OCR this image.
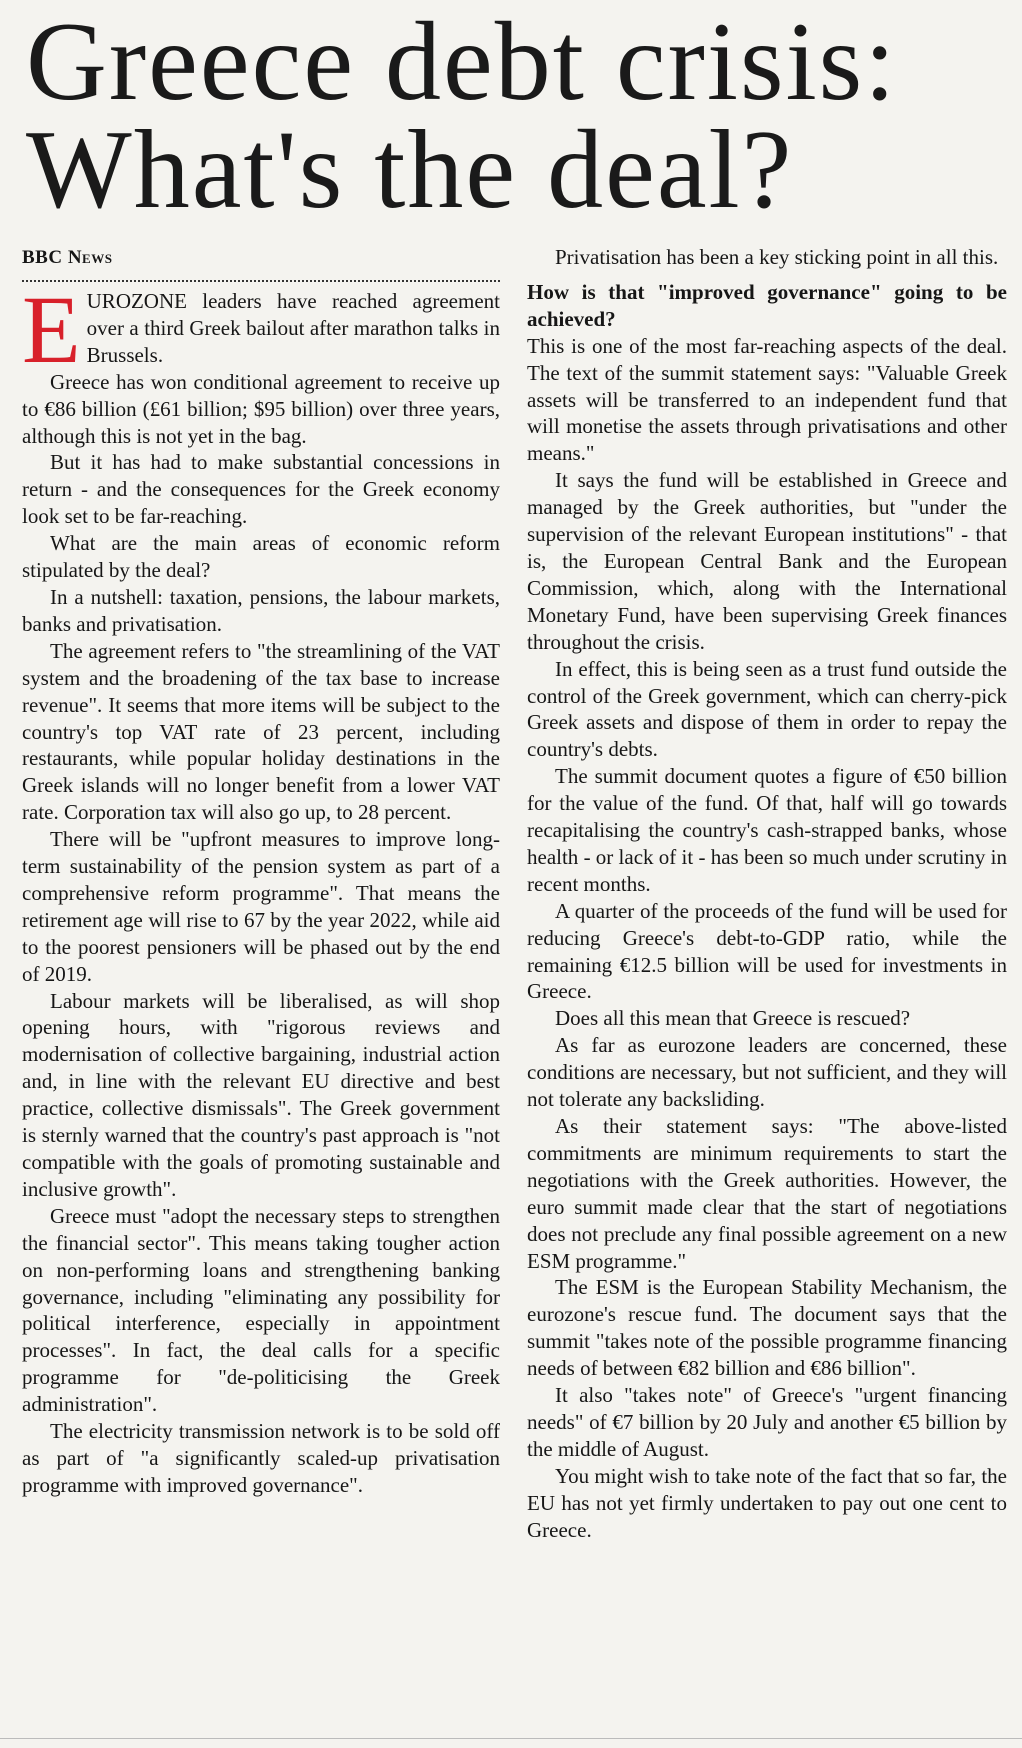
Greece debt crisis:
What's the deal?
BBC News

EUROZONE leaders have reached agreement over a third Greek bailout after marathon talks in Brussels.

Greece has won conditional agreement to receive up to €86 billion (£61 billion; $95 billion) over three years, although this is not yet in the bag.

But it has had to make substantial concessions in return - and the consequences for the Greek economy look set to be far-reaching.

What are the main areas of economic reform stipulated by the deal?

In a nutshell: taxation, pensions, the labour markets, banks and privatisation.

The agreement refers to "the streamlining of the VAT system and the broadening of the tax base to increase revenue". It seems that more items will be subject to the country's top VAT rate of 23 percent, including restaurants, while popular holiday destinations in the Greek islands will no longer benefit from a lower VAT rate. Corporation tax will also go up, to 28 percent.

There will be "upfront measures to improve long-term sustainability of the pension system as part of a comprehensive reform programme". That means the retirement age will rise to 67 by the year 2022, while aid to the poorest pensioners will be phased out by the end of 2019.

Labour markets will be liberalised, as will shop opening hours, with "rigorous reviews and modernisation of collective bargaining, industrial action and, in line with the relevant EU directive and best practice, collective dismissals". The Greek government is sternly warned that the country's past approach is "not compatible with the goals of promoting sustainable and inclusive growth".

Greece must "adopt the necessary steps to strengthen the financial sector". This means taking tougher action on non-performing loans and strengthening banking governance, including "eliminating any possibility for political interference, especially in appointment processes". In fact, the deal calls for a specific programme for "de-politicising the Greek administration".

The electricity transmission network is to be sold off as part of "a significantly scaled-up privatisation programme with improved governance".

Privatisation has been a key sticking point in all this.

How is that "improved governance" going to be achieved?

This is one of the most far-reaching aspects of the deal. The text of the summit statement says: "Valuable Greek assets will be transferred to an independent fund that will monetise the assets through privatisations and other means."

It says the fund will be established in Greece and managed by the Greek authorities, but "under the supervision of the relevant European institutions" - that is, the European Central Bank and the European Commission, which, along with the International Monetary Fund, have been supervising Greek finances throughout the crisis.

In effect, this is being seen as a trust fund outside the control of the Greek government, which can cherry-pick Greek assets and dispose of them in order to repay the country's debts.

The summit document quotes a figure of €50 billion for the value of the fund. Of that, half will go towards recapitalising the country's cash-strapped banks, whose health - or lack of it - has been so much under scrutiny in recent months.

A quarter of the proceeds of the fund will be used for reducing Greece's debt-to-GDP ratio, while the remaining €12.5 billion will be used for investments in Greece.

Does all this mean that Greece is rescued?

As far as eurozone leaders are concerned, these conditions are necessary, but not sufficient, and they will not tolerate any backsliding.

As their statement says: "The above-listed commitments are minimum requirements to start the negotiations with the Greek authorities. However, the euro summit made clear that the start of negotiations does not preclude any final possible agreement on a new ESM programme."

The ESM is the European Stability Mechanism, the eurozone's rescue fund. The document says that the summit "takes note of the possible programme financing needs of between €82 billion and €86 billion".

It also "takes note" of Greece's "urgent financing needs" of €7 billion by 20 July and another €5 billion by the middle of August.

You might wish to take note of the fact that so far, the EU has not yet firmly undertaken to pay out one cent to Greece.
